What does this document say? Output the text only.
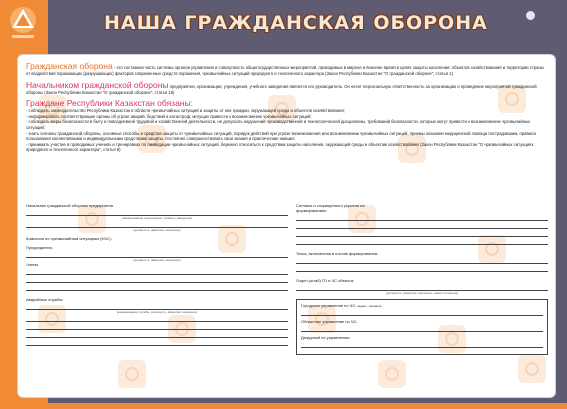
НАША ГРАЖДАНСКАЯ ОБОРОНА

Гражданская оборона - это составная часть системы органов управления и совокупность общегосударственных мероприятий, проводимых в мирное и военное время в целях защиты населения, объектов хозяйствования и территории страны от воздействия поражающих (разрушающих) факторов современных средств поражения, чрезвычайных ситуаций природного и техногенного характера (Закон Республики Казахстан "О гражданской обороне", статья 1)

Начальником гражданской обороны предприятия, организации, учреждения, учебного заведения является его руководитель. Он несет персональную ответственность за организацию и проведение мероприятий гражданской обороны (Закон Республики Казахстан "О гражданской обороне", статья 16)

Граждане Республики Казахстан обязаны:

- соблюдать законодательство Республики Казахстан в области чрезвычайных ситуаций и защиты от них граждан, окружающей среды и объектов хозяйствования;

- информировать соответствующие органы об угрозе аварий, бедствий и катастроф, могущих привести к возникновению чрезвычайных ситуаций;

- соблюдать меры безопасности в быту и повседневной трудовой и хозяйственной деятельности, не допускать нарушений производственной и технологической дисциплины, требований безопасности, которые могут привести к возникновению чрезвычайных ситуаций;

- знать сигналы гражданской обороны, основные способы и средства защиты от чрезвычайных ситуаций, порядок действий при угрозе возникновения или возникновении чрезвычайных ситуаций, приемы оказания медицинской помощи пострадавшим, правила пользования коллективными и индивидуальными средствами защиты, постоянно совершенствовать свои знания и практические навыки;

- принимать участие в проводимых учениях и тренировках по ликвидации чрезвычайных ситуаций, бережно относиться к средствам защиты населения, окружающей среды и объектам хозяйствования (Закон Республики Казахстан "О чрезвычайных ситуациях природного и техногенного характера", статья 8)

Начальник гражданской обороны предприятия
(наименование организации, учебного заведения)
(должность, фамилия, инициалы)
Комиссия по чрезвычайным ситуациям (КЧС):
Председатель
(должность, фамилия, инициалы)
Члены
Аварийные службы:
(наименование службы, должность, фамилия, инициалы)
Сигналы и сокращенного укрытия на
формированиях:
Точка, включенная в состав формирования:
Отдел (штаб) ГО и ЧС объекта:
(должность, фамилия, инициалы, номер телефона)
Городское управление по ЧС: (адрес, телефон)
Областное управление по ЧС:
Дежурный по управлению:
